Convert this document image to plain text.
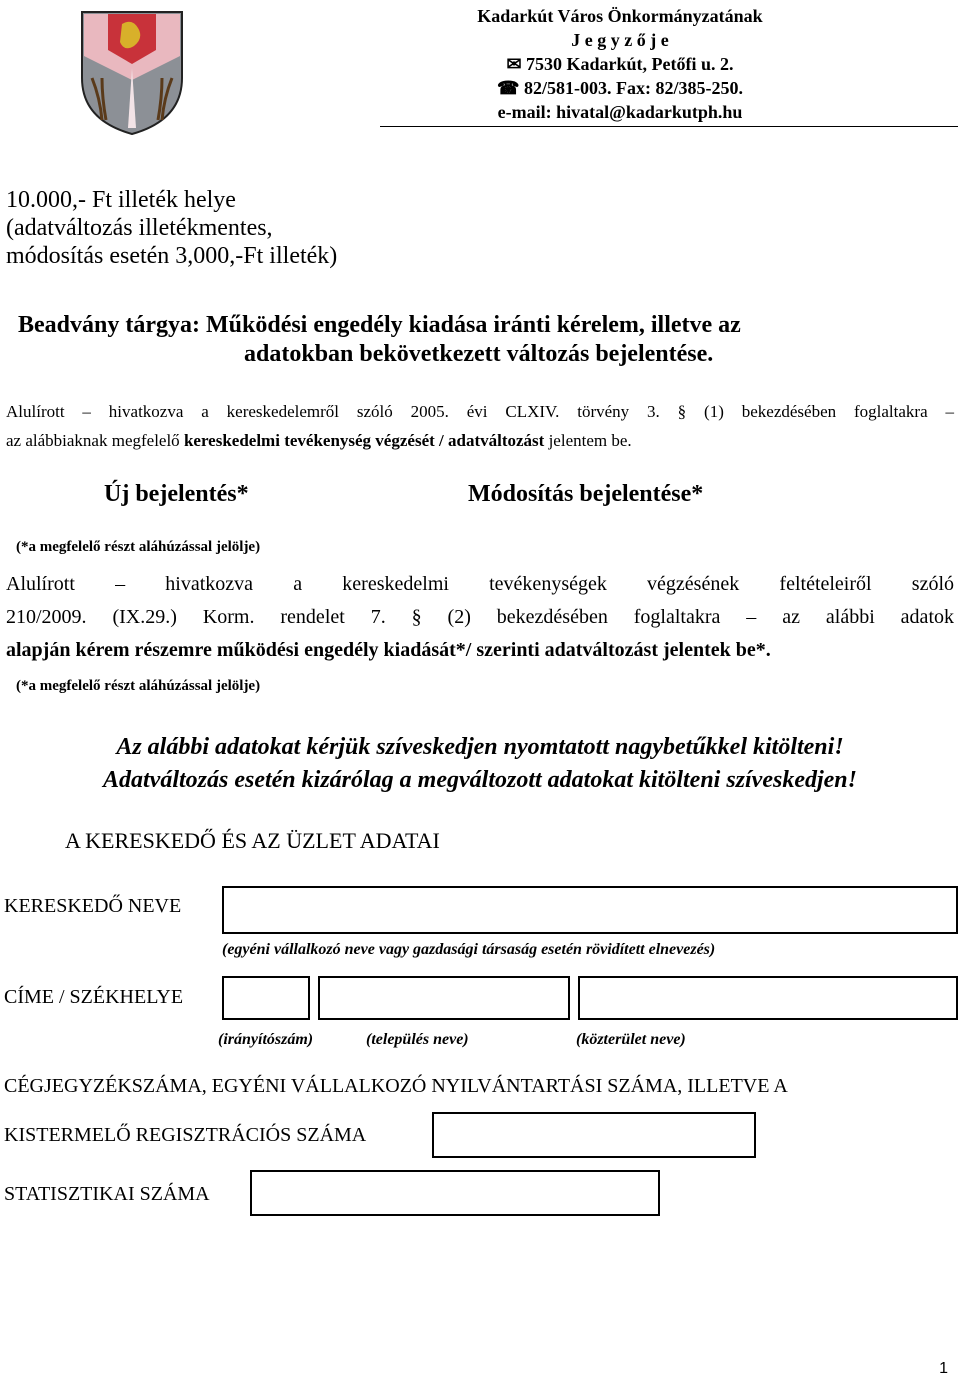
Kadarkút Város Önkormányzatának
J e g y z ő j e
✉ 7530 Kadarkút, Petőfi u. 2.
☎ 82/581-003. Fax: 82/385-250.
e-mail: hivatal@kadarkutph.hu
10.000,- Ft illeték helye
(adatváltozás illetékmentes,
módosítás esetén 3,000,-Ft illeték)
Beadvány tárgya: Működési engedély kiadása iránti kérelem, illetve az
adatokban bekövetkezett változás bejelentése.
Alulírott – hivatkozva a kereskedelemről szóló 2005. évi CLXIV. törvény 3. § (1) bekezdésében foglaltakra –
az alábbiaknak megfelelő kereskedelmi tevékenység végzését / adatváltozást jelentem be.
Új bejelentés*	Módosítás bejelentése*
(*a megfelelő részt aláhúzással jelölje)
Alulírott – hivatkozva a kereskedelmi tevékenységek végzésének feltételeiről szóló
210/2009. (IX.29.) Korm. rendelet 7. § (2) bekezdésében foglaltakra – az alábbi adatok
alapján kérem részemre működési engedély kiadását*/ szerinti adatváltozást jelentek be*.
(*a megfelelő részt aláhúzással jelölje)
Az alábbi adatokat kérjük szíveskedjen nyomtatott nagybetűkkel kitölteni!
Adatváltozás esetén kizárólag a megváltozott adatokat kitölteni szíveskedjen!
A KERESKEDŐ ÉS AZ ÜZLET ADATAI
KERESKEDŐ NEVE
(egyéni vállalkozó neve vagy gazdasági társaság esetén rövidített elnevezés)
CÍME / SZÉKHELYE
(irányítószám)	(település neve)	(közterület neve)
CÉGJEGYZÉKSZÁMA, EGYÉNI VÁLLALKOZÓ NYILVÁNTARTÁSI SZÁMA, ILLETVE A
KISTERMELŐ REGISZTRÁCIÓS SZÁMA
STATISZTIKAI SZÁMA
1
